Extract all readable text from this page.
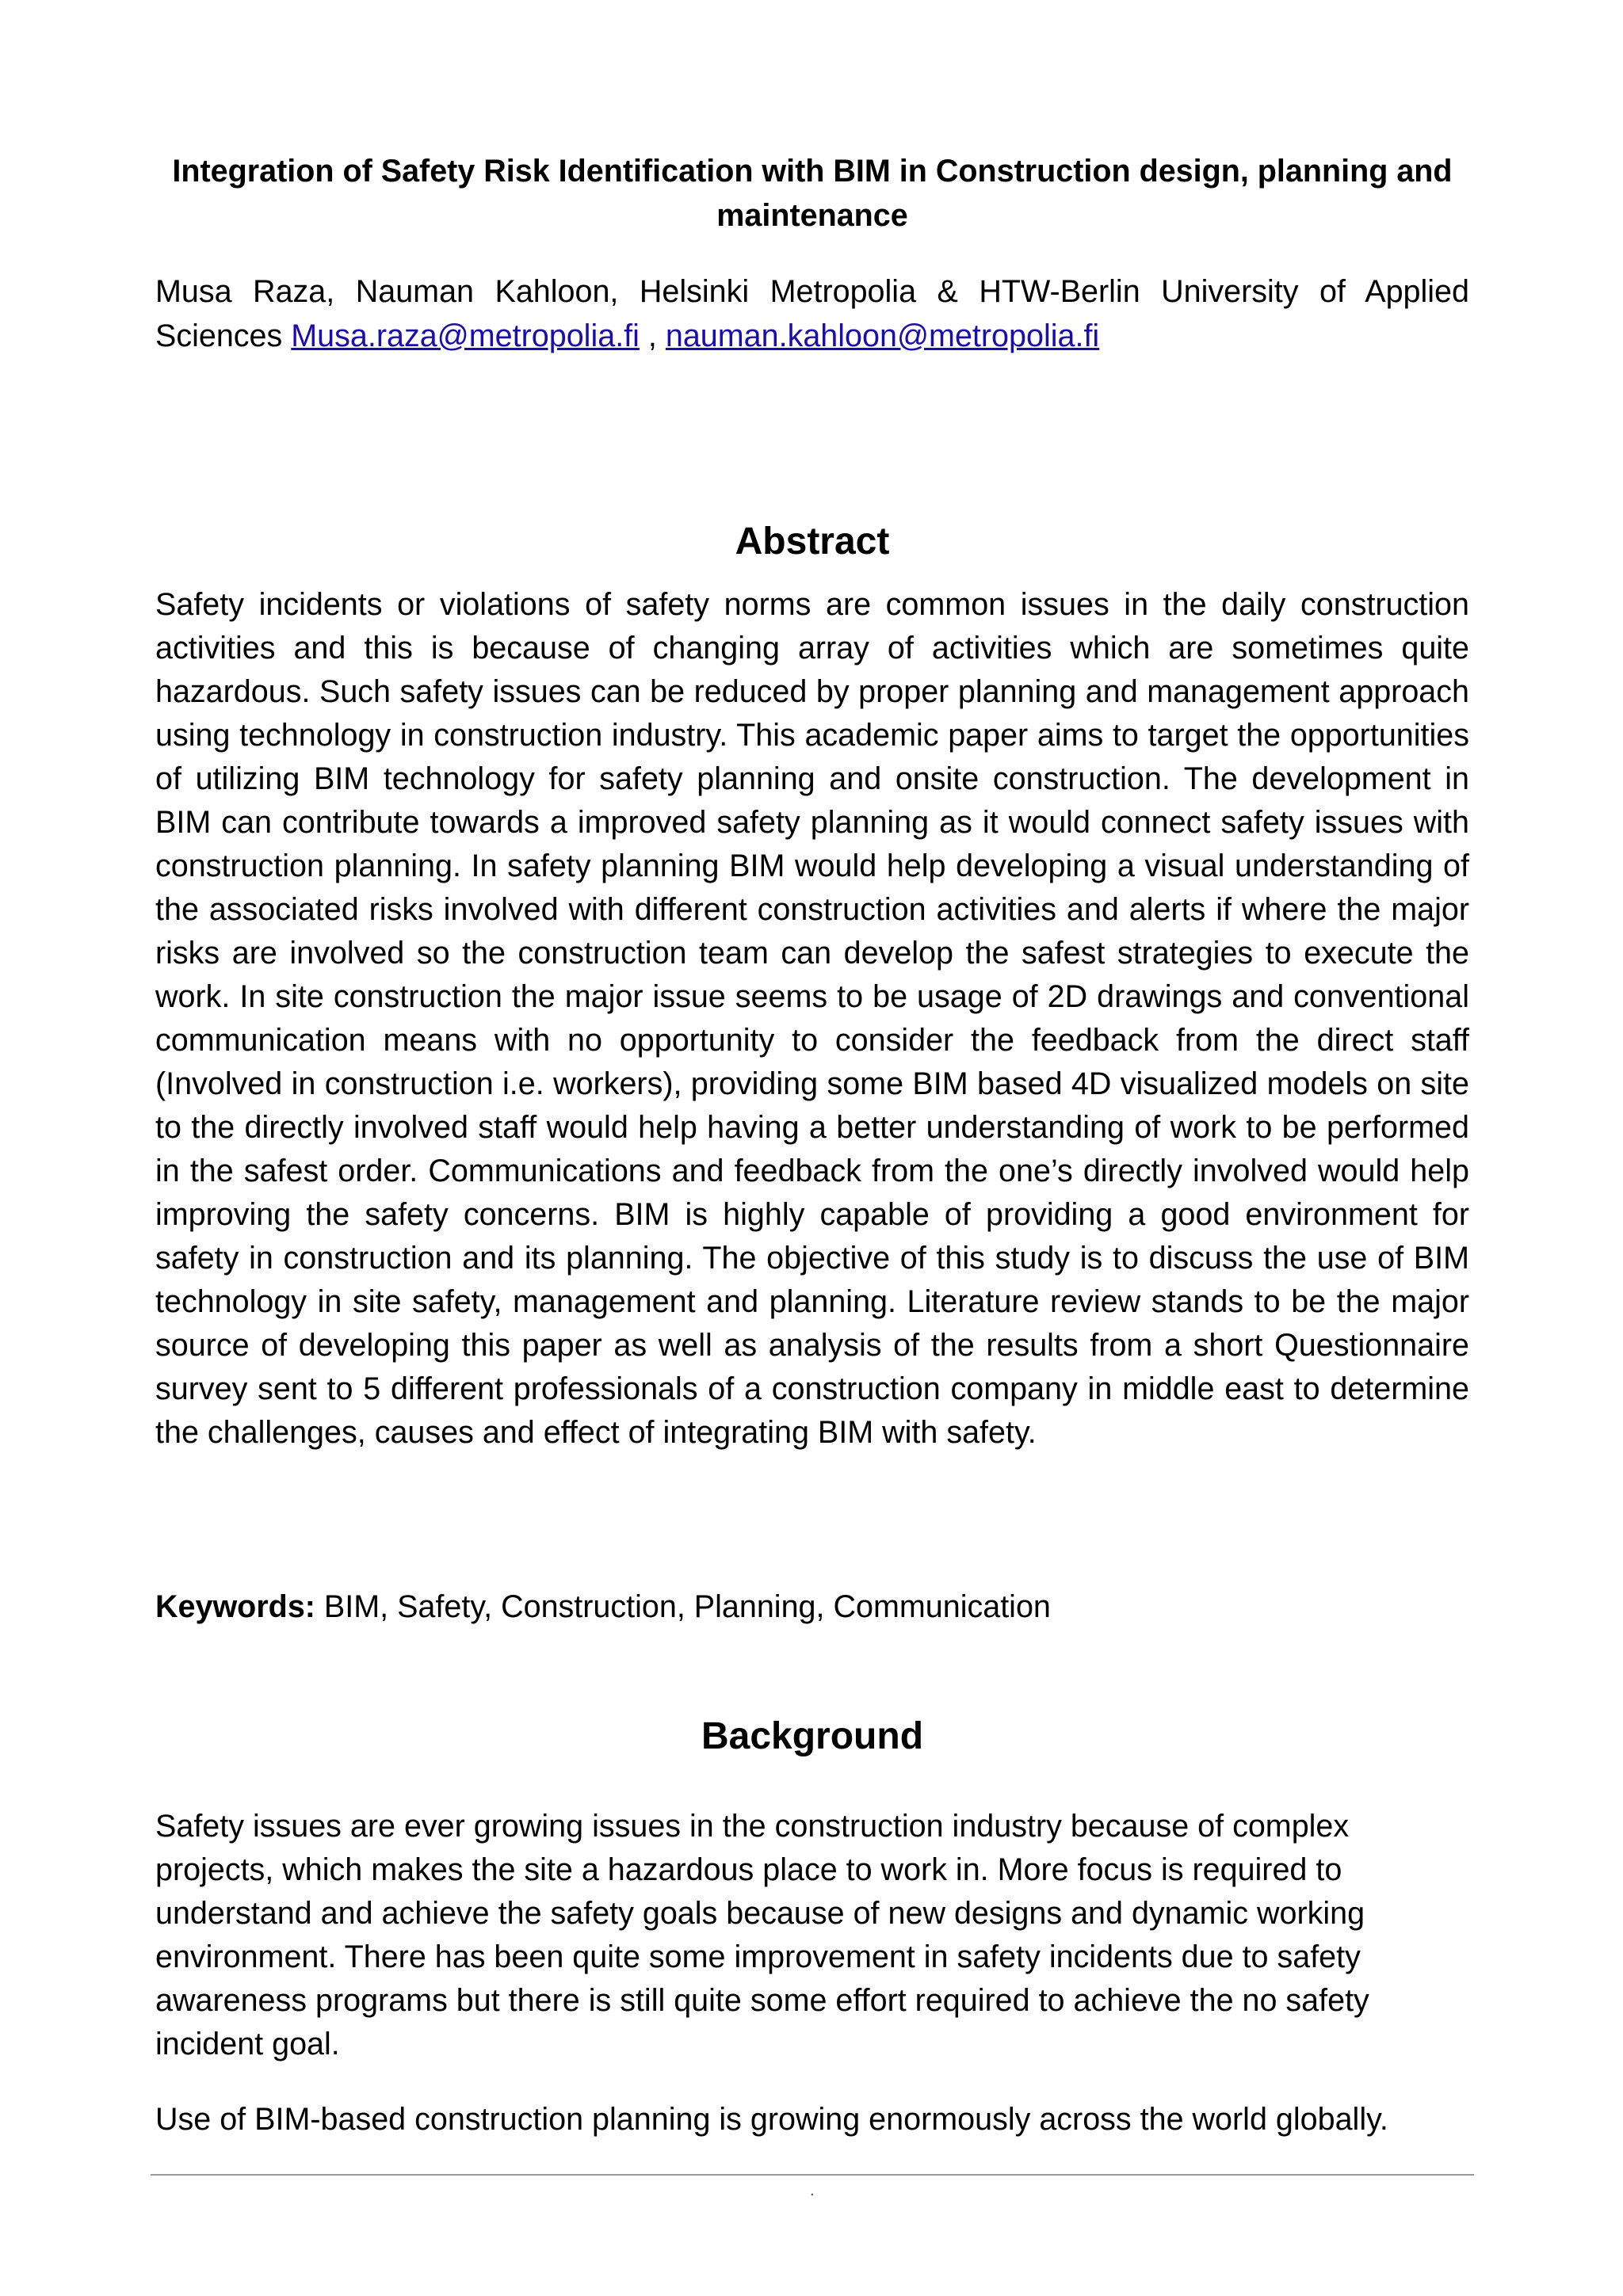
Integration of Safety Risk Identification with BIM in Construction design, planning and maintenance
Musa Raza, Nauman Kahloon, Helsinki Metropolia & HTW-Berlin University of Applied Sciences Musa.raza@metropolia.fi , nauman.kahloon@metropolia.fi
Abstract
Safety incidents or violations of safety norms are common issues in the daily construction activities and this is because of changing array of activities which are sometimes quite hazardous. Such safety issues can be reduced by proper planning and management approach using technology in construction industry. This academic paper aims to target the opportunities of utilizing BIM technology for safety planning and onsite construction. The development in BIM can contribute towards a improved safety planning as it would connect safety issues with construction planning. In safety planning BIM would help developing a visual understanding of the associated risks involved with different construction activities and alerts if where the major risks are involved so the construction team can develop the safest strategies to execute the work. In site construction the major issue seems to be usage of 2D drawings and conventional communication means with no opportunity to consider the feedback from the direct staff (Involved in construction i.e. workers), providing some BIM based 4D visualized models on site to the directly involved staff would help having a better understanding of work to be performed in the safest order. Communications and feedback from the one’s directly involved would help improving the safety concerns. BIM is highly capable of providing a good environment for safety in construction and its planning. The objective of this study is to discuss the use of BIM technology in site safety, management and planning. Literature review stands to be the major source of developing this paper as well as analysis of the results from a short Questionnaire survey sent to 5 different professionals of a construction company in middle east to determine the challenges, causes and effect of integrating BIM with safety.
Keywords: BIM, Safety, Construction, Planning, Communication
Background
Safety issues are ever growing issues in the construction industry because of complex projects, which makes the site a hazardous place to work in. More focus is required to understand and achieve the safety goals because of new designs and dynamic working environment. There has been quite some improvement in safety incidents due to safety awareness programs but there is still quite some effort required to achieve the no safety incident goal.
Use of BIM-based construction planning is growing enormously across the world globally.
.
